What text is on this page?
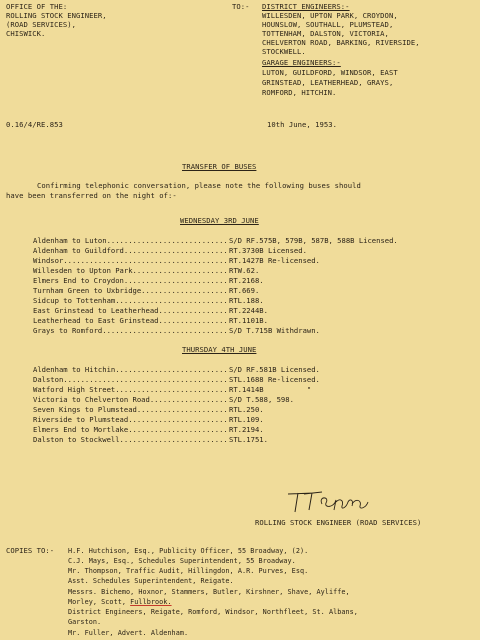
OFFICE OF THE:
ROLLING STOCK ENGINEER,
(ROAD SERVICES),
CHISWICK.
TO:- DISTRICT ENGINEERS:-
WILLESDEN, UPTON PARK, CROYDON,
HOUNSLOW, SOUTHALL, PLUMSTEAD,
TOTTENHAM, DALSTON, VICTORIA,
CHELVERTON ROAD, BARKING, RIVERSIDE,
STOCKWELL.
GARAGE ENGINEERS:-
LUTON, GUILDFORD, WINDSOR, EAST
GRINSTEAD, LEATHERHEAD, GRAYS,
ROMFORD, HITCHIN.
0.16/4/RE.853	10th June, 1953.
TRANSFER OF BUSES
Confirming telephonic conversation, please note the following buses should
have been transferred on the night of:-
WEDNESDAY 3RD JUNE
Aldenham to Luton............................ S/D RF.575B, 579B, 587B, 588B Licensed.
Aldenham to Guildford........................ RT.3730B Licensed.
Windsor...................................... RT.1427B Re-licensed.
Willesden to Upton Park...................... RTW.62.
Elmers End to Croydon........................ RT.2168.
Turnham Green to Uxbridge.................... RT.669.
Sidcup to Tottenham.......................... RTL.188.
East Grinstead to Leatherhead................ RT.2244B.
Leatherhead to East Grinstead................ RT.1101B.
Grays to Romford............................. S/D T.715B Withdrawn.
THURSDAY 4TH JUNE
Aldenham to Hitchin.......................... S/D RF.581B Licensed.
Dalston...................................... STL.1688 Re-licensed.
Watford High Street.......................... RT.1414B          "
Victoria to Chelverton Road.................. S/D T.588, 598.
Seven Kings to Plumstead..................... RTL.250.
Riverside to Plumstead....................... RTL.109.
Elmers End to Mortlake....................... RT.2194.
Dalston to Stockwell......................... STL.1751.
ROLLING STOCK ENGINEER (ROAD SERVICES)
COPIES TO:- H.F. Hutchison, Esq., Publicity Officer, 55 Broadway, (2).
C.J. Mays, Esq., Schedules Superintendent, 55 Broadway.
Mr. Thompson, Traffic Audit, Hillingdon, A.R. Purves, Esq.
Asst. Schedules Superintendent, Reigate.
Messrs. Bichemo, Hoxnor, Stammers, Butler, Kirshner, Shave, Ayliffe,
Morley, Scott, Fullbrook.
District Engineers, Reigate, Romford, Windsor, Northfleet, St. Albans,
Garston.
Mr. Fuller, Advert. Aldenham.
